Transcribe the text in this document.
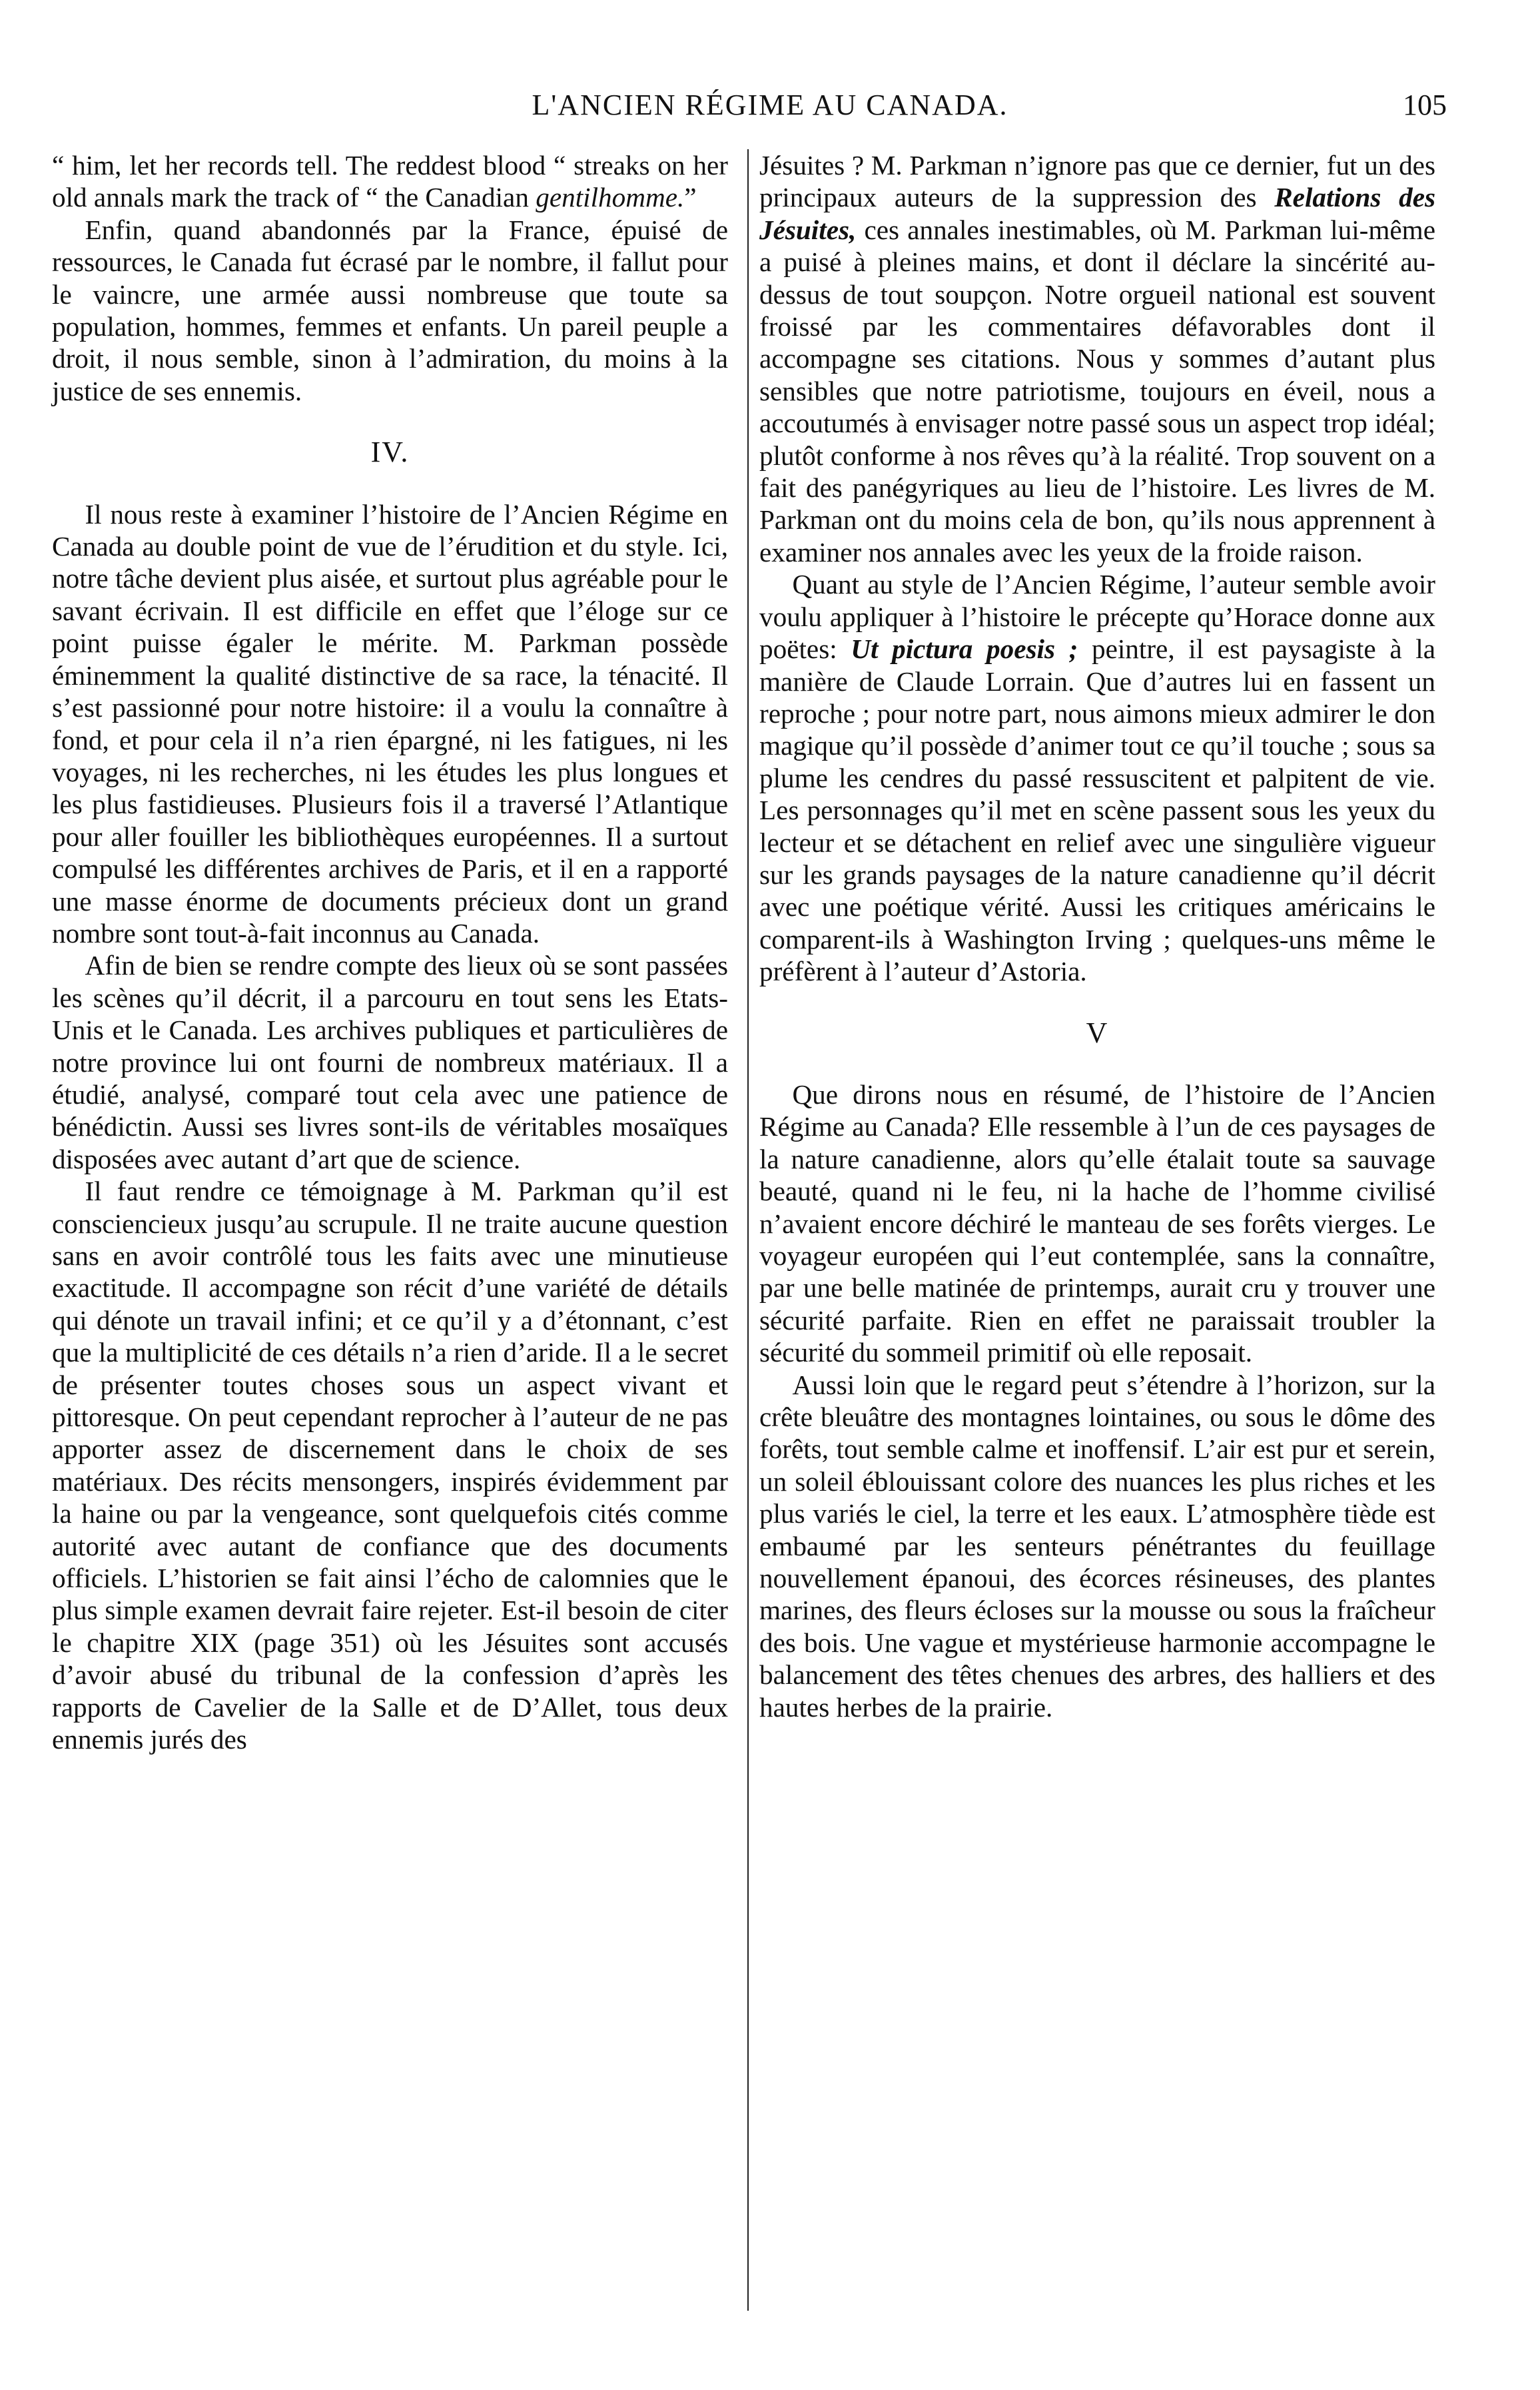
L'ANCIEN RÉGIME AU CANADA.	105

“ him, let her records tell. The reddest blood “ streaks on her old annals mark the track of “ the Canadian gentilhomme.”

Enfin, quand abandonnés par la France, épuisé de ressources, le Canada fut écrasé par le nombre, il fallut pour le vaincre, une armée aussi nombreuse que toute sa population, hommes, femmes et enfants. Un pareil peuple a droit, il nous semble, sinon à l’admiration, du moins à la justice de ses ennemis.

IV.

Il nous reste à examiner l’histoire de l’Ancien Régime en Canada au double point de vue de l’érudition et du style. Ici, notre tâche devient plus aisée, et surtout plus agréable pour le savant écrivain. Il est difficile en effet que l’éloge sur ce point puisse égaler le mérite. M. Parkman possède éminemment la qualité distinctive de sa race, la ténacité. Il s’est passionné pour notre histoire: il a voulu la connaître à fond, et pour cela il n’a rien épargné, ni les fatigues, ni les voyages, ni les recherches, ni les études les plus longues et les plus fastidieuses. Plusieurs fois il a traversé l’Atlantique pour aller fouiller les bibliothèques européennes. Il a surtout compulsé les différentes archives de Paris, et il en a rapporté une masse énorme de documents précieux dont un grand nombre sont tout-à-fait inconnus au Canada.

Afin de bien se rendre compte des lieux où se sont passées les scènes qu’il décrit, il a parcouru en tout sens les Etats-Unis et le Canada. Les archives publiques et particulières de notre province lui ont fourni de nombreux matériaux. Il a étudié, analysé, comparé tout cela avec une patience de bénédictin. Aussi ses livres sont-ils de véritables mosaïques disposées avec autant d’art que de science.

Il faut rendre ce témoignage à M. Parkman qu’il est consciencieux jusqu’au scrupule. Il ne traite aucune question sans en avoir contrôlé tous les faits avec une minutieuse exactitude. Il accompagne son récit d’une variété de détails qui dénote un travail infini; et ce qu’il y a d’étonnant, c’est que la multiplicité de ces détails n’a rien d’aride. Il a le secret de présenter toutes choses sous un aspect vivant et pittoresque. On peut cependant reprocher à l’auteur de ne pas apporter assez de discernement dans le choix de ses matériaux. Des récits mensongers, inspirés évidemment par la haine ou par la vengeance, sont quelquefois cités comme autorité avec autant de confiance que des documents officiels. L’historien se fait ainsi l’écho de calomnies que le plus simple examen devrait faire rejeter. Est-il besoin de citer le chapitre XIX (page 351) où les Jésuites sont accusés d’avoir abusé du tribunal de la confession d’après les rapports de Cavelier de la Salle et de D’Allet, tous deux ennemis jurés des

Jésuites ? M. Parkman n’ignore pas que ce dernier, fut un des principaux auteurs de la suppression des Relations des Jésuites, ces annales inestimables, où M. Parkman lui-même a puisé à pleines mains, et dont il déclare la sincérité au-dessus de tout soupçon. Notre orgueil national est souvent froissé par les commentaires défavorables dont il accompagne ses citations. Nous y sommes d’autant plus sensibles que notre patriotisme, toujours en éveil, nous a accoutumés à envisager notre passé sous un aspect trop idéal; plutôt conforme à nos rêves qu’à la réalité. Trop souvent on a fait des panégyriques au lieu de l’histoire. Les livres de M. Parkman ont du moins cela de bon, qu’ils nous apprennent à examiner nos annales avec les yeux de la froide raison.

Quant au style de l’Ancien Régime, l’auteur semble avoir voulu appliquer à l’histoire le précepte qu’Horace donne aux poëtes: Ut pictura poesis ; peintre, il est paysagiste à la manière de Claude Lorrain. Que d’autres lui en fassent un reproche ; pour notre part, nous aimons mieux admirer le don magique qu’il possède d’animer tout ce qu’il touche ; sous sa plume les cendres du passé ressuscitent et palpitent de vie. Les personnages qu’il met en scène passent sous les yeux du lecteur et se détachent en relief avec une singulière vigueur sur les grands paysages de la nature canadienne qu’il décrit avec une poétique vérité. Aussi les critiques américains le comparent-ils à Washington Irving ; quelques-uns même le préfèrent à l’auteur d’Astoria.

V

Que dirons nous en résumé, de l’histoire de l’Ancien Régime au Canada? Elle ressemble à l’un de ces paysages de la nature canadienne, alors qu’elle étalait toute sa sauvage beauté, quand ni le feu, ni la hache de l’homme civilisé n’avaient encore déchiré le manteau de ses forêts vierges. Le voyageur européen qui l’eut contemplée, sans la connaître, par une belle matinée de printemps, aurait cru y trouver une sécurité parfaite. Rien en effet ne paraissait troubler la sécurité du sommeil primitif où elle reposait.

Aussi loin que le regard peut s’étendre à l’horizon, sur la crête bleuâtre des montagnes lointaines, ou sous le dôme des forêts, tout semble calme et inoffensif. L’air est pur et serein, un soleil éblouissant colore des nuances les plus riches et les plus variés le ciel, la terre et les eaux. L’atmosphère tiède est embaumé par les senteurs pénétrantes du feuillage nouvellement épanoui, des écorces résineuses, des plantes marines, des fleurs écloses sur la mousse ou sous la fraîcheur des bois. Une vague et mystérieuse harmonie accompagne le balancement des têtes chenues des arbres, des halliers et des hautes herbes de la prairie.
